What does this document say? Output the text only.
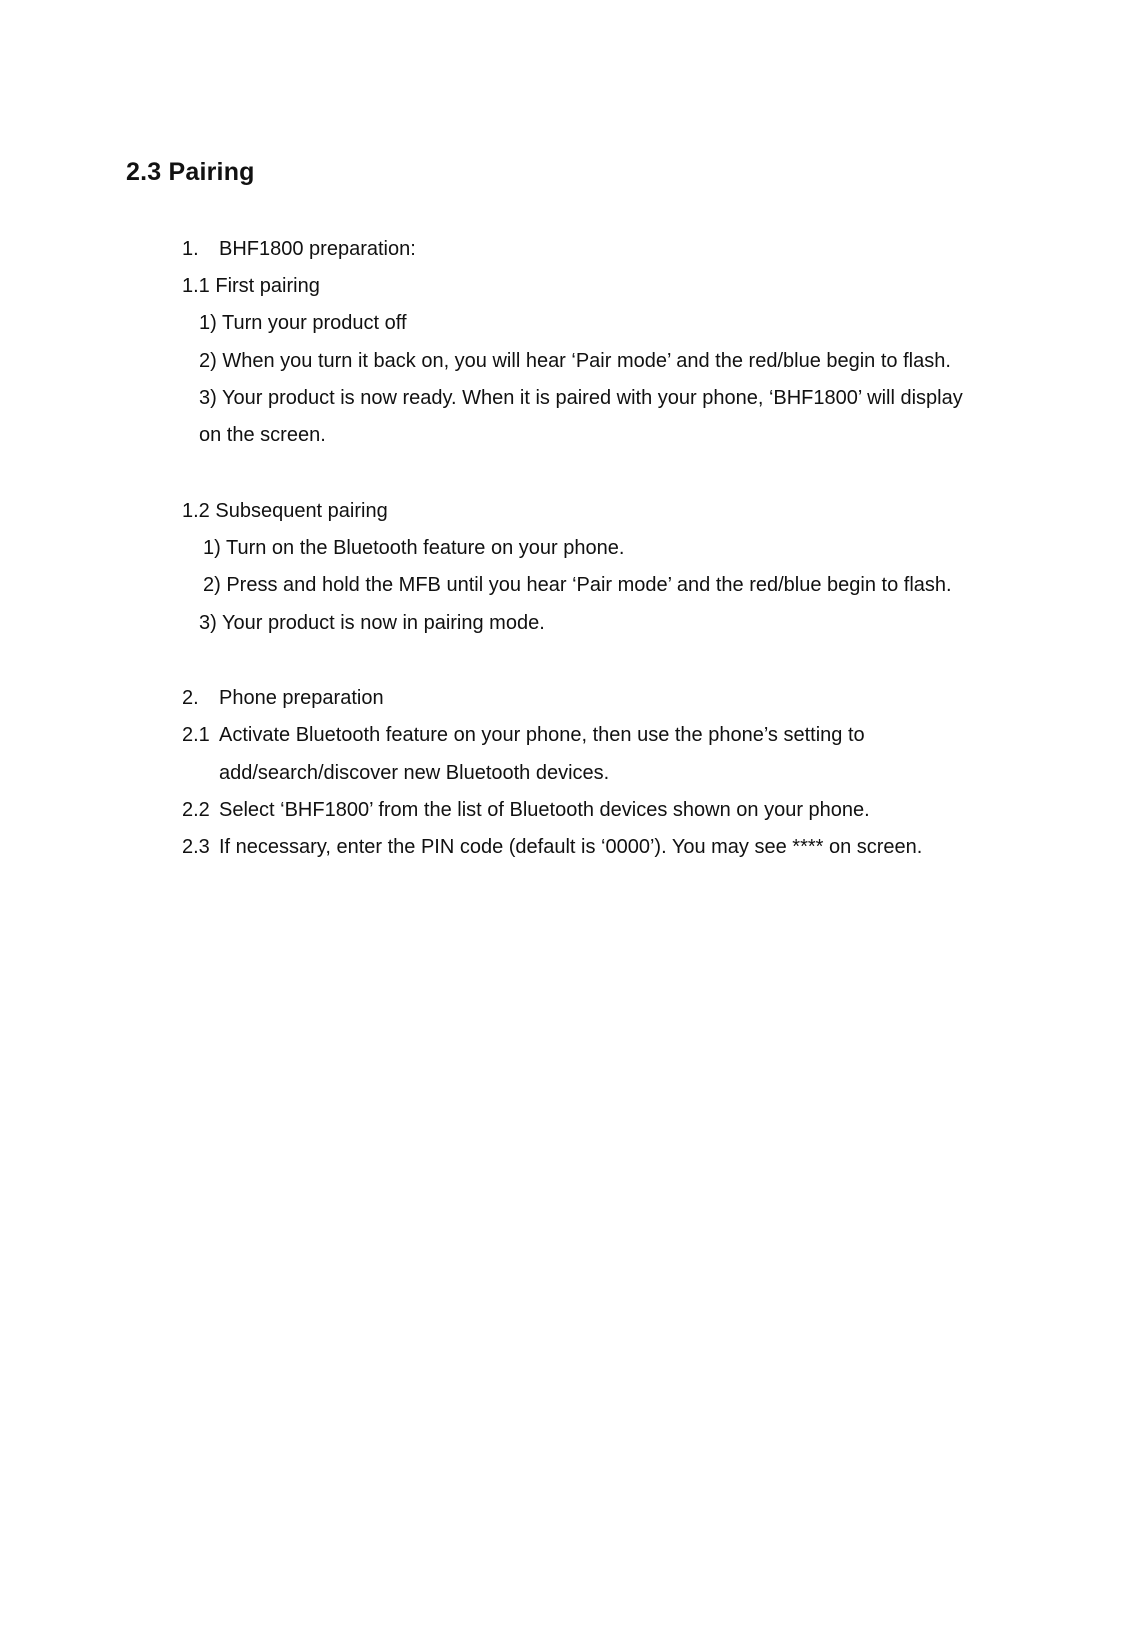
2.3 Pairing
1. BHF1800 preparation:
1.1 First pairing
1) Turn your product off
2) When you turn it back on, you will hear ‘Pair mode’ and the red/blue begin to flash.
3) Your product is now ready. When it is paired with your phone, ‘BHF1800’ will display
on the screen.
1.2 Subsequent pairing
1) Turn on the Bluetooth feature on your phone.
2) Press and hold the MFB until you hear ‘Pair mode’ and the red/blue begin to flash.
3) Your product is now in pairing mode.
2. Phone preparation
2.1 Activate Bluetooth feature on your phone, then use the phone’s setting to
add/search/discover new Bluetooth devices.
2.2 Select ‘BHF1800’ from the list of Bluetooth devices shown on your phone.
2.3 If necessary, enter the PIN code (default is ‘0000’). You may see **** on screen.
